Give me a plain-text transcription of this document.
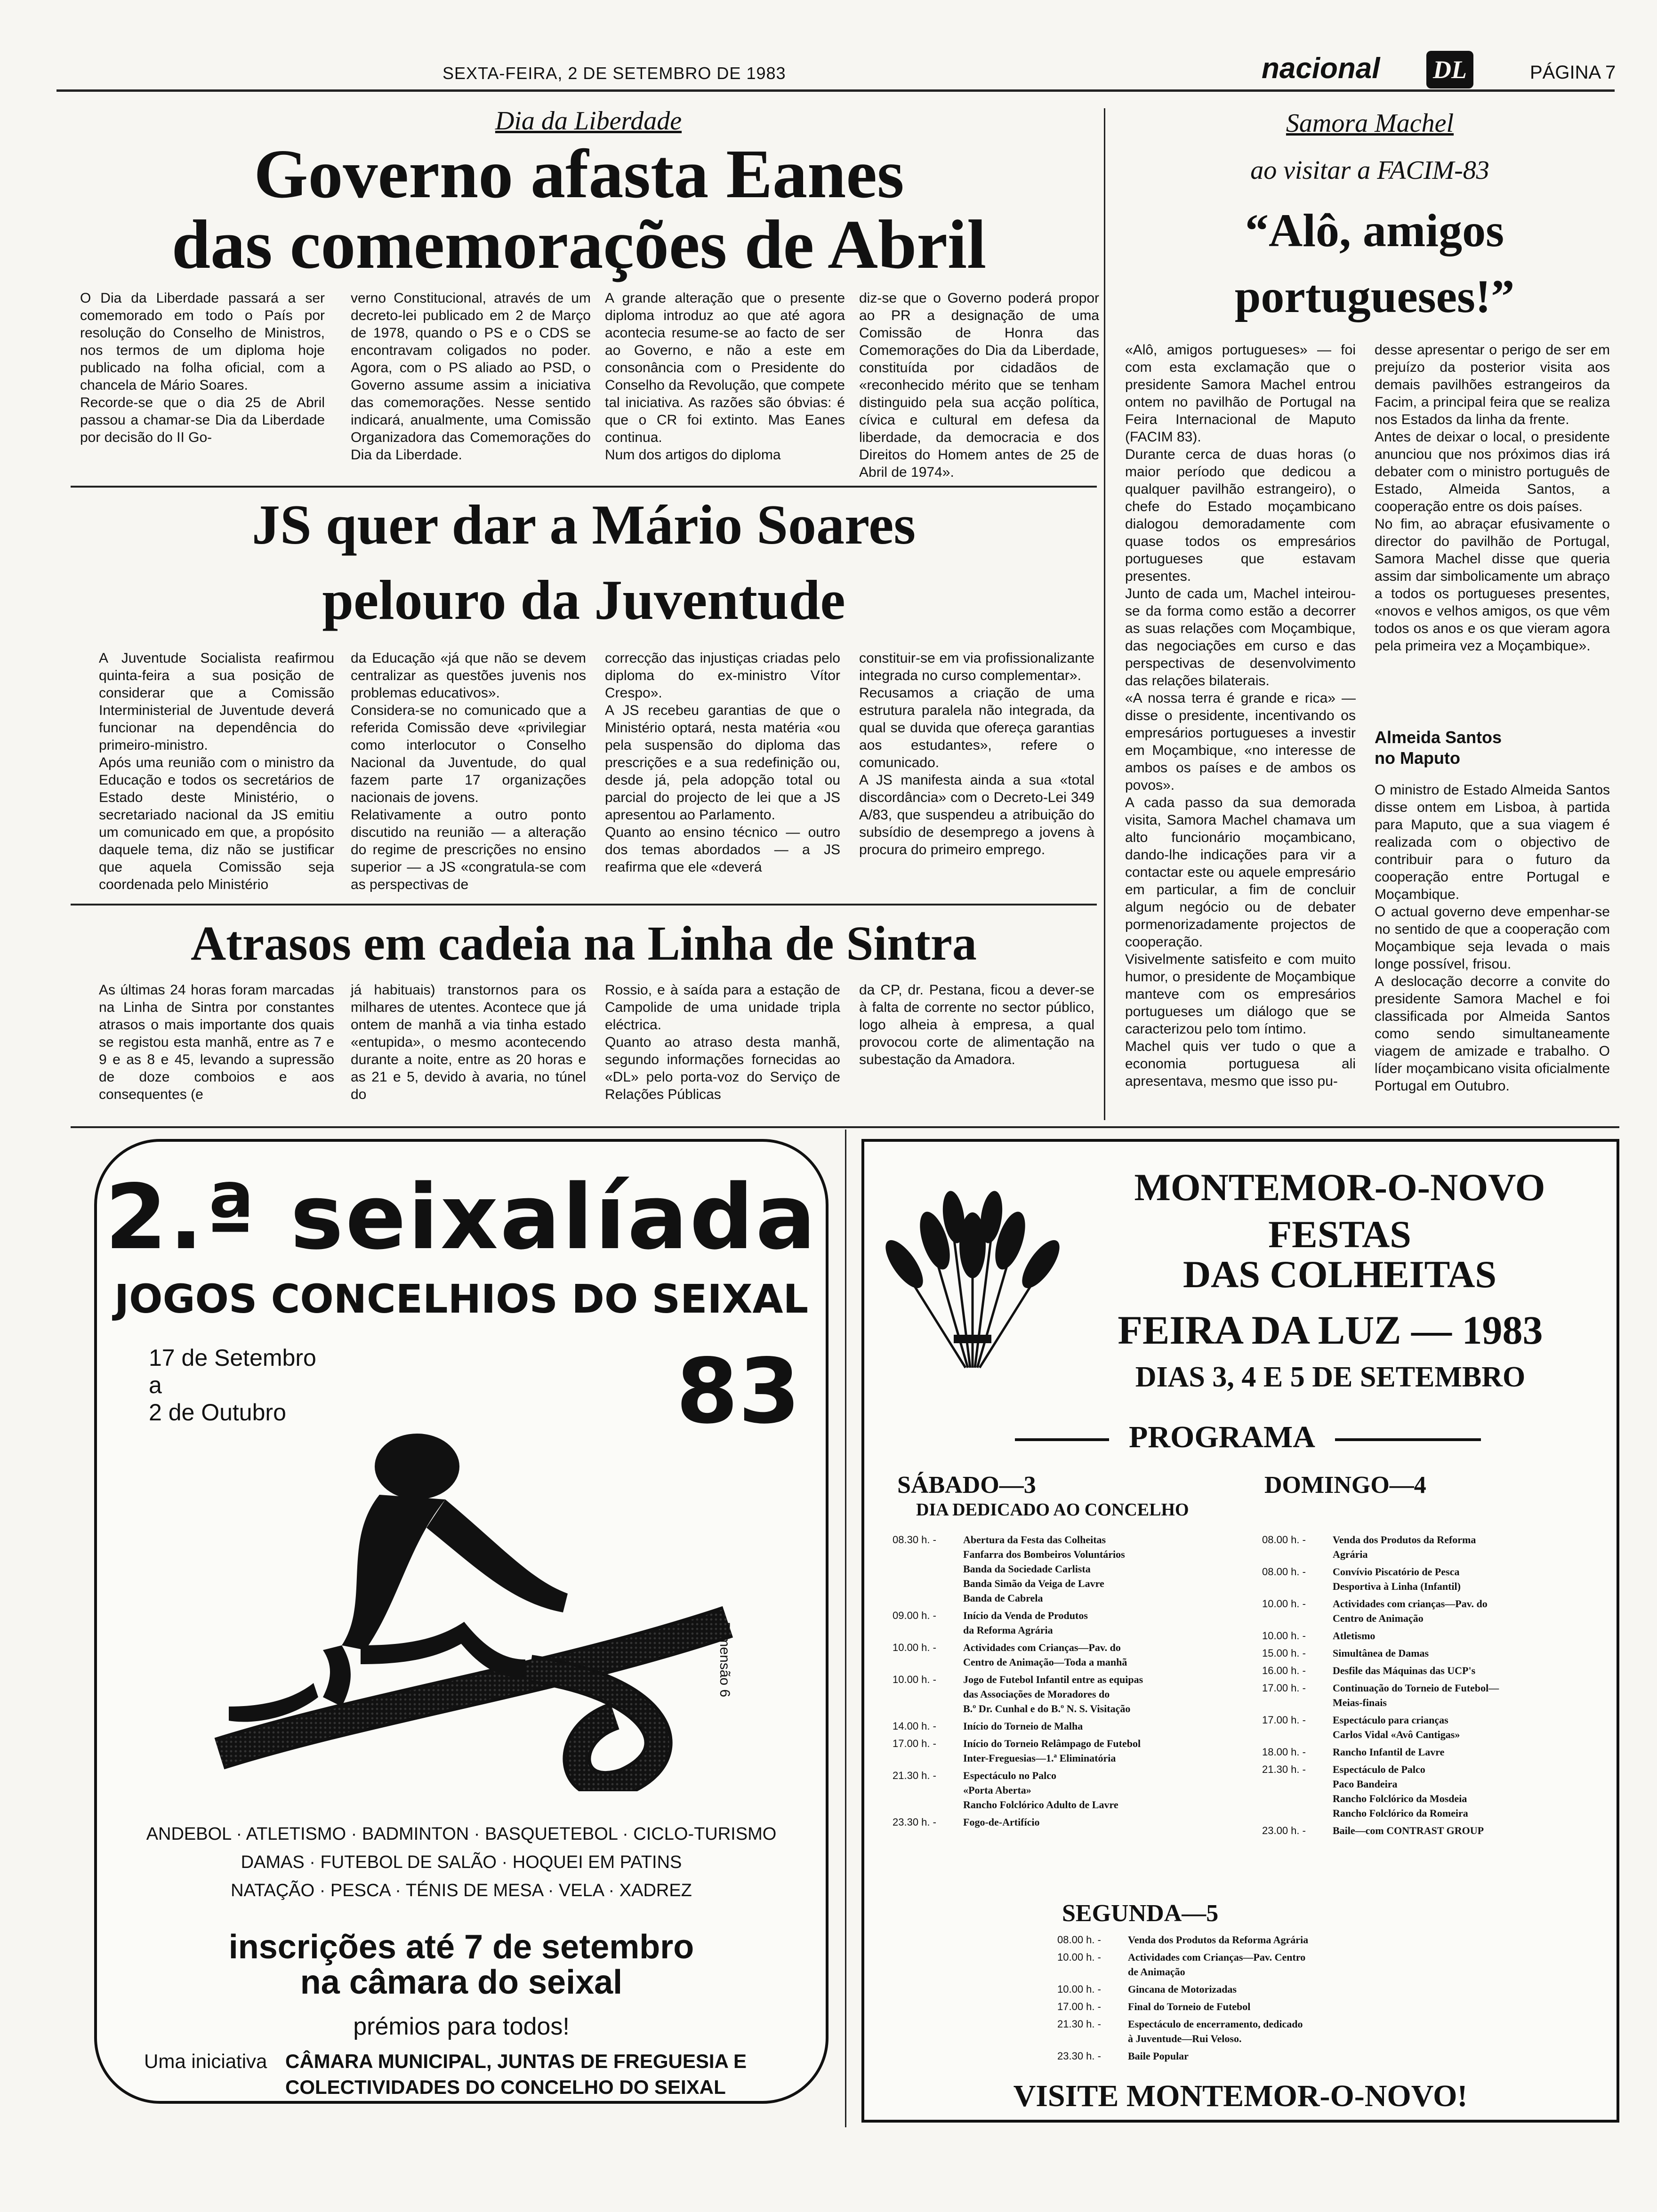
SEXTA-FEIRA, 2 DE SETEMBRO DE 1983	nacional DL	PÁGINA 7
Dia da Liberdade
Governo afasta Eanes
das comemorações de Abril
O Dia da Liberdade passará a ser comemorado em todo o País por resolução do Conselho de Ministros, nos termos de um diploma hoje publicado na folha oficial, com a chancela de Mário Soares.
Recorde-se que o dia 25 de Abril passou a chamar-se Dia da Liberdade por decisão do II Go-
verno Constitucional, através de um decreto-lei publicado em 2 de Março de 1978, quando o PS e o CDS se encontravam coligados no poder. Agora, com o PS aliado ao PSD, o Governo assume assim a iniciativa das comemorações. Nesse sentido indicará, anualmente, uma Comissão Organizadora das Comemorações do Dia da Liberdade.
A grande alteração que o presente diploma introduz ao que até agora acontecia resume-se ao facto de ser ao Governo, e não a este em consonância com o Presidente do Conselho da Revolução, que compete tal iniciativa. As razões são óbvias: é que o CR foi extinto. Mas Eanes continua.
Num dos artigos do diploma
diz-se que o Governo poderá propor ao PR a designação de uma Comissão de Honra das Comemorações do Dia da Liberdade, constituída por cidadãos de «reconhecido mérito que se tenham distinguido pela sua acção política, cívica e cultural em defesa da liberdade, da democracia e dos Direitos do Homem antes de 25 de Abril de 1974».
JS quer dar a Mário Soares
pelouro da Juventude
A Juventude Socialista reafirmou quinta-feira a sua posição de considerar que a Comissão Interministerial de Juventude deverá funcionar na dependência do primeiro-ministro.
Após uma reunião com o ministro da Educação e todos os secretários de Estado deste Ministério, o secretariado nacional da JS emitiu um comunicado em que, a propósito daquele tema, diz não se justificar que aquela Comissão seja coordenada pelo Ministério
da Educação «já que não se devem centralizar as questões juvenis nos problemas educativos».
Considera-se no comunicado que a referida Comissão deve «privilegiar como interlocutor o Conselho Nacional da Juventude, do qual fazem parte 17 organizações nacionais de jovens.
Relativamente a outro ponto discutido na reunião — a alteração do regime de prescrições no ensino superior — a JS «congratula-se com as perspectivas de
correcção das injustiças criadas pelo diploma do ex-ministro Vítor Crespo».
A JS recebeu garantias de que o Ministério optará, nesta matéria «ou pela suspensão do diploma das prescrições e a sua redefinição ou, desde já, pela adopção total ou parcial do projecto de lei que a JS apresentou ao Parlamento.
Quanto ao ensino técnico — outro dos temas abordados — a JS reafirma que ele «deverá
constituir-se em via profissionalizante integrada no curso complementar».
Recusamos a criação de uma estrutura paralela não integrada, da qual se duvida que ofereça garantias aos estudantes», refere o comunicado.
A JS manifesta ainda a sua «total discordância» com o Decreto-Lei 349 A/83, que suspendeu a atribuição do subsídio de desemprego a jovens à procura do primeiro emprego.
Atrasos em cadeia na Linha de Sintra
As últimas 24 horas foram marcadas na Linha de Sintra por constantes atrasos o mais importante dos quais se registou esta manhã, entre as 7 e 9 e as 8 e 45, levando a supressão de doze comboios e aos consequentes (e
já habituais) transtornos para os milhares de utentes. Acontece que já ontem de manhã a via tinha estado «entupida», o mesmo acontecendo durante a noite, entre as 20 horas e as 21 e 5, devido à avaria, no túnel do
Rossio, e à saída para a estação de Campolide de uma unidade tripla eléctrica.
Quanto ao atraso desta manhã, segundo informações fornecidas ao «DL» pelo porta-voz do Serviço de Relações Públicas
da CP, dr. Pestana, ficou a dever-se à falta de corrente no sector público, logo alheia à empresa, a qual provocou corte de alimentação na subestação da Amadora.
Samora Machel
ao visitar a FACIM-83
“Alô, amigos
portugueses!”
«Alô, amigos portugueses» — foi com esta exclamação que o presidente Samora Machel entrou ontem no pavilhão de Portugal na Feira Internacional de Maputo (FACIM 83).
Durante cerca de duas horas (o maior período que dedicou a qualquer pavilhão estrangeiro), o chefe do Estado moçambicano dialogou demoradamente com quase todos os empresários portugueses que estavam presentes.
Junto de cada um, Machel inteirou-se da forma como estão a decorrer as suas relações com Moçambique, das negociações em curso e das perspectivas de desenvolvimento das relações bilaterais.
«A nossa terra é grande e rica» — disse o presidente, incentivando os empresários portugueses a investir em Moçambique, «no interesse de ambos os países e de ambos os povos».
A cada passo da sua demorada visita, Samora Machel chamava um alto funcionário moçambicano, dando-lhe indicações para vir a contactar este ou aquele empresário em particular, a fim de concluir algum negócio ou de debater pormenorizadamente projectos de cooperação.
Visivelmente satisfeito e com muito humor, o presidente de Moçambique manteve com os empresários portugueses um diálogo que se caracterizou pelo tom íntimo.
Machel quis ver tudo o que a economia portuguesa ali apresentava, mesmo que isso pu-
desse apresentar o perigo de ser em prejuízo da posterior visita aos demais pavilhões estrangeiros da Facim, a principal feira que se realiza nos Estados da linha da frente.
Antes de deixar o local, o presidente anunciou que nos próximos dias irá debater com o ministro português de Estado, Almeida Santos, a cooperação entre os dois países.
No fim, ao abraçar efusivamente o director do pavilhão de Portugal, Samora Machel disse que queria assim dar simbolicamente um abraço a todos os portugueses presentes, «novos e velhos amigos, os que vêm todos os anos e os que vieram agora pela primeira vez a Moçambique».
Almeida Santos
no Maputo
O ministro de Estado Almeida Santos disse ontem em Lisboa, à partida para Maputo, que a sua viagem é realizada com o objectivo de contribuir para o futuro da cooperação entre Portugal e Moçambique.
O actual governo deve empenhar-se no sentido de que a cooperação com Moçambique seja levada o mais longe possível, frisou.
A deslocação decorre a convite do presidente Samora Machel e foi classificada por Almeida Santos como sendo simultaneamente viagem de amizade e trabalho. O líder moçambicano visita oficialmente Portugal em Outubro.
2.ª seixalíada
JOGOS CONCELHIOS DO SEIXAL
17 de Setembro
a
2 de Outubro	83
Dimensão 6
ANDEBOL · ATLETISMO · BADMINTON · BASQUETEBOL · CICLO-TURISMO
DAMAS · FUTEBOL DE SALÃO · HOQUEI EM PATINS
NATAÇÃO · PESCA · TÉNIS DE MESA · VELA · XADREZ
inscrições até 7 de setembro
na câmara do seixal
prémios para todos!
Uma iniciativa CÂMARA MUNICIPAL, JUNTAS DE FREGUESIA E
COLECTIVIDADES DO CONCELHO DO SEIXAL
MONTEMOR-O-NOVO
FESTAS
DAS COLHEITAS
FEIRA DA LUZ — 1983
DIAS 3, 4 E 5 DE SETEMBRO
PROGRAMA
SÁBADO—3
DIA DEDICADO AO CONCELHO
08.30 h. -	Abertura da Festa das Colheitas
Fanfarra dos Bombeiros Voluntários
Banda da Sociedade Carlista
Banda Simão da Veiga de Lavre
Banda de Cabrela
09.00 h. -	Início da Venda de Produtos
da Reforma Agrária
10.00 h. -	Actividades com Crianças—Pav. do
Centro de Animação—Toda a manhã
10.00 h. -	Jogo de Futebol Infantil entre as equipas
das Associações de Moradores do
B.º Dr. Cunhal e do B.º N. S. Visitação
14.00 h. -	Início do Torneio de Malha
17.00 h. -	Início do Torneio Relâmpago de Futebol
Inter-Freguesias—1.ª Eliminatória
21.30 h. -	Espectáculo no Palco
«Porta Aberta»
Rancho Folclórico Adulto de Lavre
23.30 h. -	Fogo-de-Artifício
DOMINGO—4
08.00 h. -	Venda dos Produtos da Reforma
Agrária
08.00 h. -	Convívio Piscatório de Pesca
Desportiva à Linha (Infantil)
10.00 h. -	Actividades com crianças—Pav. do
Centro de Animação
10.00 h. -	Atletismo
15.00 h. -	Simultânea de Damas
16.00 h. -	Desfile das Máquinas das UCP's
17.00 h. -	Continuação do Torneio de Futebol—
Meias-finais
17.00 h. -	Espectáculo para crianças
Carlos Vidal «Avô Cantigas»
18.00 h. -	Rancho Infantil de Lavre
21.30 h. -	Espectáculo de Palco
Paco Bandeira
Rancho Folclórico da Mosdeia
Rancho Folclórico da Romeira
23.00 h. -	Baile—com CONTRAST GROUP
SEGUNDA—5
08.00 h. -	Venda dos Produtos da Reforma Agrária
10.00 h. -	Actividades com Crianças—Pav. Centro
de Animação
10.00 h. -	Gincana de Motorizadas
17.00 h. -	Final do Torneio de Futebol
21.30 h. -	Espectáculo de encerramento, dedicado
à Juventude—Rui Veloso.
23.30 h. -	Baile Popular
VISITE MONTEMOR-O-NOVO!
